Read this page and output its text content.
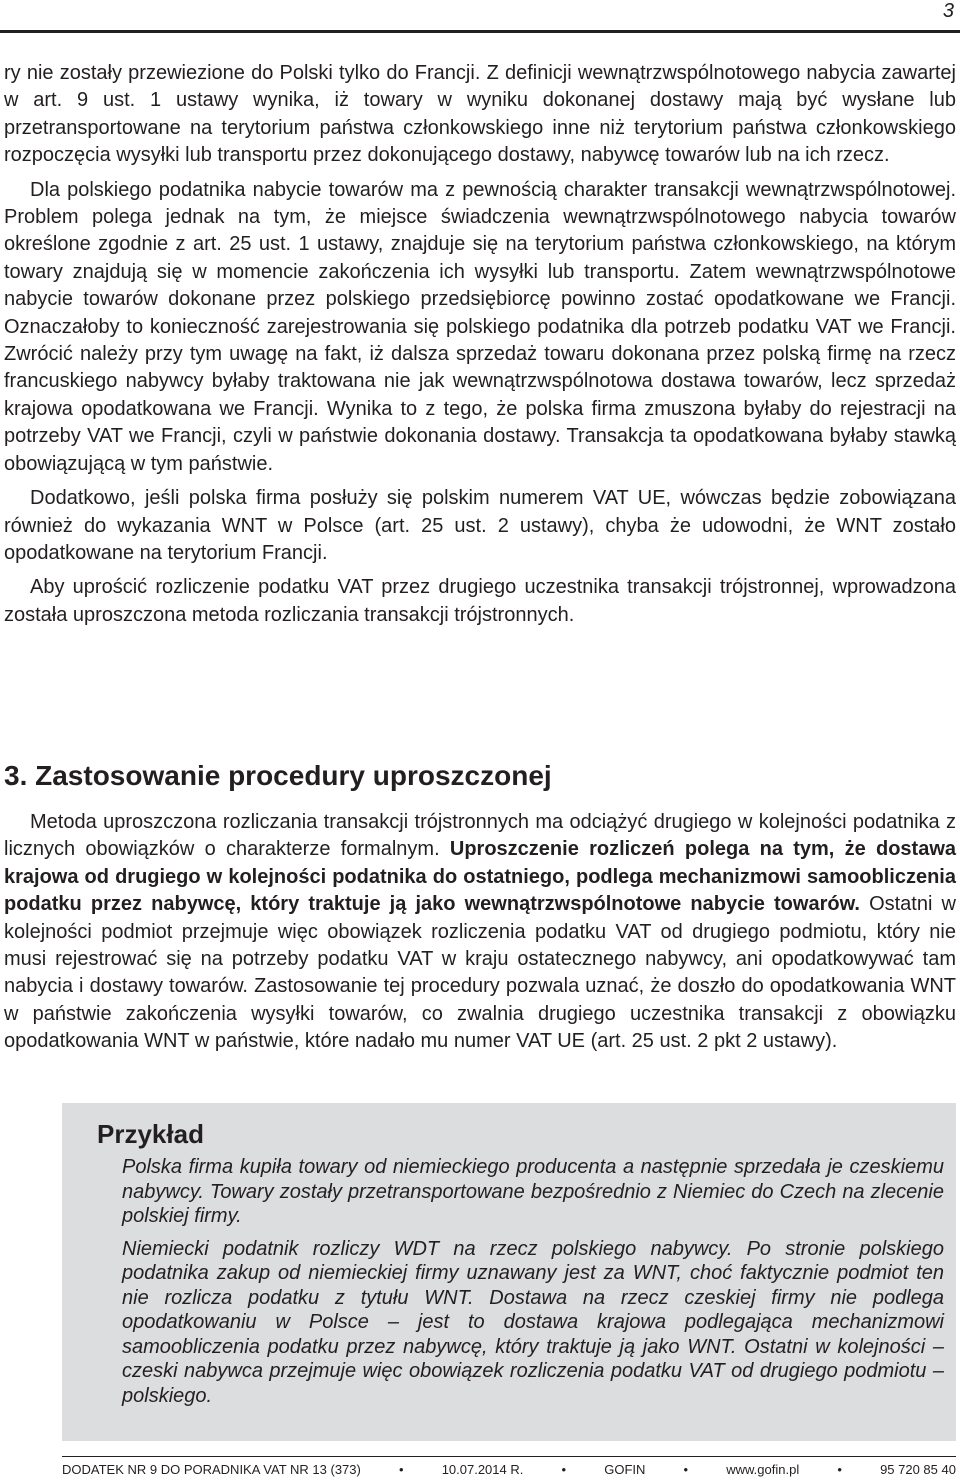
3

ry nie zostały przewiezione do Polski tylko do Francji. Z definicji wewnątrzwspólnotowego nabycia zawartej w art. 9 ust. 1 ustawy wynika, iż towary w wyniku dokonanej dostawy mają być wysłane lub przetransportowane na terytorium państwa członkowskiego inne niż terytorium państwa członkowskiego rozpoczęcia wysyłki lub transportu przez dokonującego dostawy, nabywcę towarów lub na ich rzecz.

Dla polskiego podatnika nabycie towarów ma z pewnością charakter transakcji wewnątrzwspólnotowej. Problem polega jednak na tym, że miejsce świadczenia wewnątrzwspólnotowego nabycia towarów określone zgodnie z art. 25 ust. 1 ustawy, znajduje się na terytorium państwa członkowskiego, na którym towary znajdują się w momencie zakończenia ich wysyłki lub transportu. Zatem wewnątrzwspólnotowe nabycie towarów dokonane przez polskiego przedsiębiorcę powinno zostać opodatkowane we Francji. Oznaczałoby to konieczność zarejestrowania się polskiego podatnika dla potrzeb podatku VAT we Francji. Zwrócić należy przy tym uwagę na fakt, iż dalsza sprzedaż towaru dokonana przez polską firmę na rzecz francuskiego nabywcy byłaby traktowana nie jak wewnątrzwspólnotowa dostawa towarów, lecz sprzedaż krajowa opodatkowana we Francji. Wynika to z tego, że polska firma zmuszona byłaby do rejestracji na potrzeby VAT we Francji, czyli w państwie dokonania dostawy. Transakcja ta opodatkowana byłaby stawką obowiązującą w tym państwie.

Dodatkowo, jeśli polska firma posłuży się polskim numerem VAT UE, wówczas będzie zobowiązana również do wykazania WNT w Polsce (art. 25 ust. 2 ustawy), chyba że udowodni, że WNT zostało opodatkowane na terytorium Francji.

Aby uprościć rozliczenie podatku VAT przez drugiego uczestnika transakcji trójstronnej, wprowadzona została uproszczona metoda rozliczania transakcji trójstronnych.

3. Zastosowanie procedury uproszczonej

Metoda uproszczona rozliczania transakcji trójstronnych ma odciążyć drugiego w kolejności podatnika z licznych obowiązków o charakterze formalnym. Uproszczenie rozliczeń polega na tym, że dostawa krajowa od drugiego w kolejności podatnika do ostatniego, podlega mechanizmowi samoobliczenia podatku przez nabywcę, który traktuje ją jako wewnątrzwspólnotowe nabycie towarów. Ostatni w kolejności podmiot przejmuje więc obowiązek rozliczenia podatku VAT od drugiego podmiotu, który nie musi rejestrować się na potrzeby podatku VAT w kraju ostatecznego nabywcy, ani opodatkowywać tam nabycia i dostawy towarów. Zastosowanie tej procedury pozwala uznać, że doszło do opodatkowania WNT w państwie zakończenia wysyłki towarów, co zwalnia drugiego uczestnika transakcji z obowiązku opodatkowania WNT w państwie, które nadało mu numer VAT UE (art. 25 ust. 2 pkt 2 ustawy).

Przykład

Polska firma kupiła towary od niemieckiego producenta a następnie sprzedała je czeskiemu nabywcy. Towary zostały przetransportowane bezpośrednio z Niemiec do Czech na zlecenie polskiej firmy.

Niemiecki podatnik rozliczy WDT na rzecz polskiego nabywcy. Po stronie polskiego podatnika zakup od niemieckiej firmy uznawany jest za WNT, choć faktycznie podmiot ten nie rozlicza podatku z tytułu WNT. Dostawa na rzecz czeskiej firmy nie podlega opodatkowaniu w Polsce – jest to dostawa krajowa podlegająca mechanizmowi samoobliczenia podatku przez nabywcę, który traktuje ją jako WNT. Ostatni w kolejności – czeski nabywca przejmuje więc obowiązek rozliczenia podatku VAT od drugiego podmiotu – polskiego.

DODATEK NR 9 DO PORADNIKA VAT NR 13 (373)	•	10.07.2014 R.	•	GOFIN	•	www.gofin.pl	•	95 720 85 40
